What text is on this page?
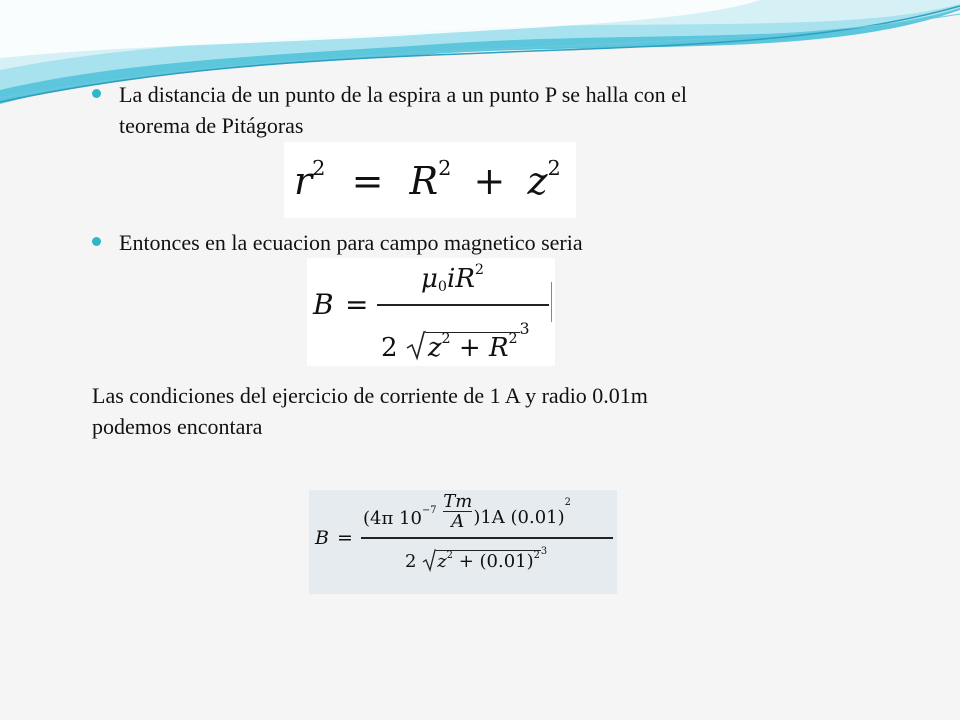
La distancia de un punto de la espira a un punto P se halla con el
teorema de Pitágoras
$r^2 = R^2 + z^2$
Entonces en la ecuacion para campo magnetico seria
B =
$\mu_0iR^2$
2 $z^2 + R^{23}$
Las condiciones del ejercicio de corriente de 1 A y radio 0.01m
podemos encontara
B =
(4π $10^{-7} \frac{Tm}{A} )1A$ $(0.01)^2$
2 $z^2 + (0.01)^{23}$
